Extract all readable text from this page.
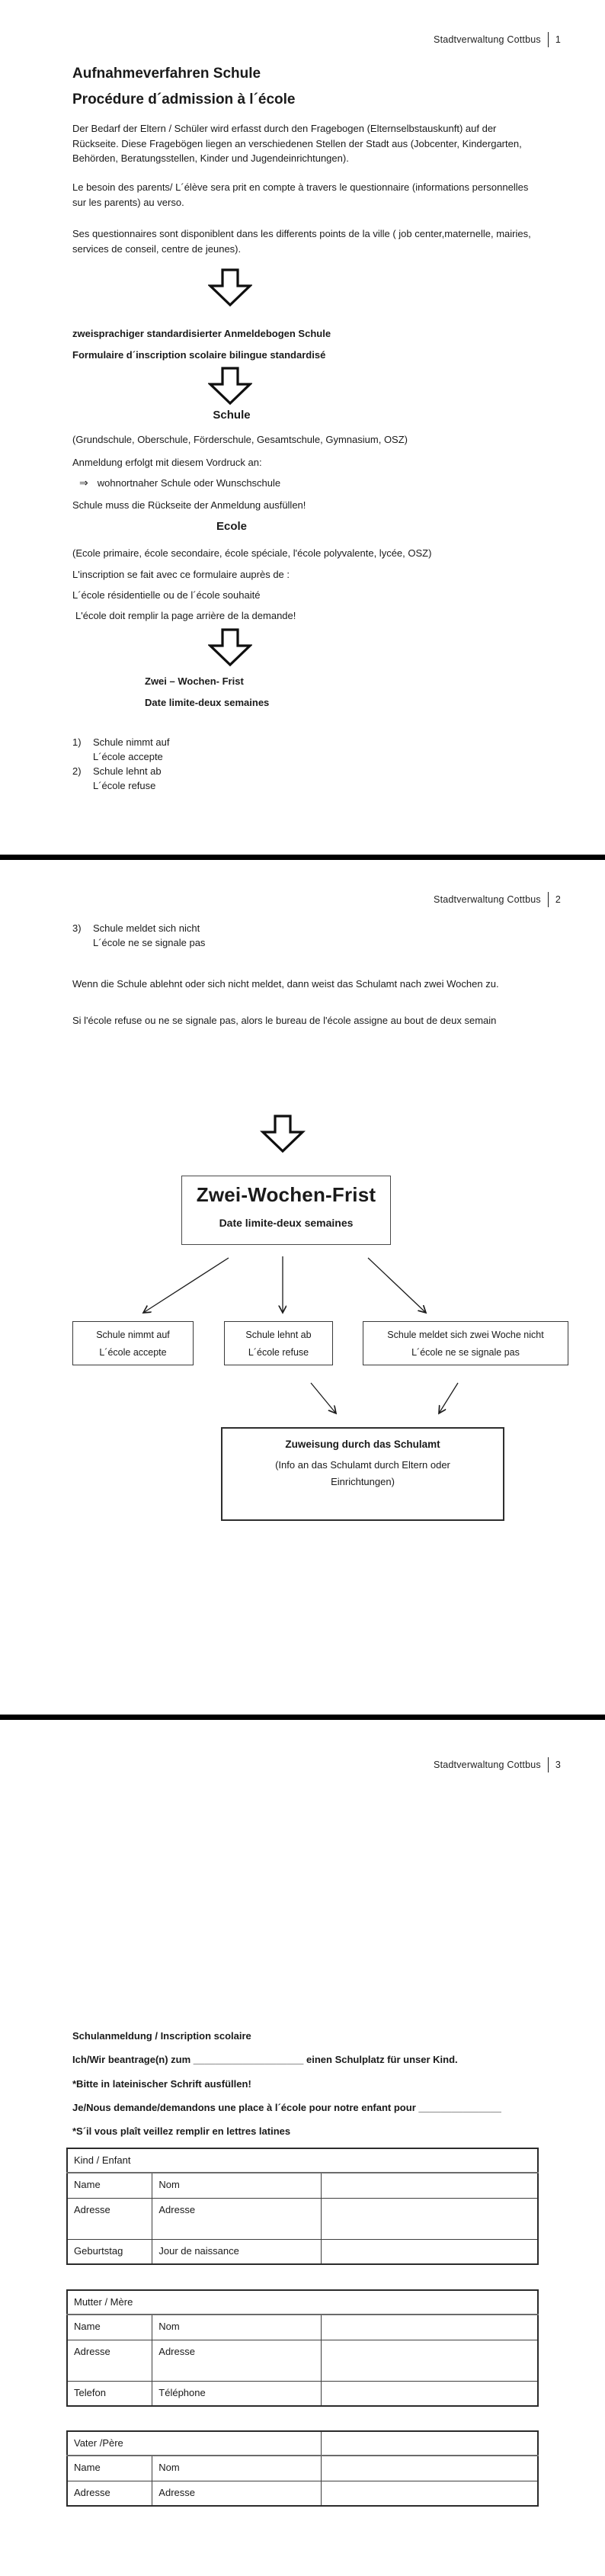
Stadtverwaltung Cottbus 1
Aufnahmeverfahren Schule
Procédure d´admission à l´école
Der Bedarf der Eltern / Schüler wird erfasst durch den Fragebogen (Elternselbstauskunft) auf der Rückseite. Diese Fragebögen liegen an verschiedenen Stellen der Stadt aus (Jobcenter, Kindergarten, Behörden, Beratungsstellen, Kinder und Jugendeinrichtungen).
Le besoin des parents/ L´élève sera prit en compte à travers le questionnaire (informations personnelles sur les parents) au verso.
Ses questionnaires sont disponiblent dans les differents points de la ville ( job center,maternelle, mairies, services de conseil, centre de jeunes).
zweisprachiger standardisierter Anmeldebogen Schule
Formulaire d´inscription scolaire bilingue standardisé
Schule
(Grundschule, Oberschule, Förderschule, Gesamtschule, Gymnasium, OSZ)
Anmeldung erfolgt mit diesem Vordruck an:
⇒ wohnortnaher Schule oder Wunschschule
Schule muss die Rückseite der Anmeldung ausfüllen!
Ecole
(Ecole primaire, école secondaire, école spéciale, l'école polyvalente, lycée, OSZ)
L'inscription se fait avec ce formulaire auprès de :
L´école résidentielle ou de l´école souhaité
L'école doit remplir la page arrière de la demande!
Zwei – Wochen- Frist
Date limite-deux semaines
1)	Schule nimmt auf
L´école accepte
2)	Schule lehnt ab
L´école refuse
Stadtverwaltung Cottbus 2
3)	Schule meldet sich nicht
L´école ne se signale pas
Wenn die Schule ablehnt oder sich nicht meldet, dann weist das Schulamt nach zwei Wochen zu.
Si l'école refuse ou ne se signale pas, alors le bureau de l'école assigne au bout de deux semain
Zwei-Wochen-Frist
Date limite-deux semaines
Schule nimmt auf
L´école accepte
Schule lehnt ab
L´école refuse
Schule meldet sich zwei Woche nicht
L´école ne se signale pas
Zuweisung durch das Schulamt
(Info an das Schulamt durch Eltern oder
Einrichtungen)
Stadtverwaltung Cottbus 3
Schulanmeldung / Inscription scolaire
Ich/Wir beantrage(n) zum ____________________ einen Schulplatz für unser Kind.
*Bitte in lateinischer Schrift ausfüllen!
Je/Nous demande/demandons une place à l´école pour notre enfant pour _______________
*S´il vous plaît veillez remplir en lettres latines
Kind / Enfant		
Name	Nom	
Adresse	Adresse	
Geburtstag	Jour de naissance	
Mutter / Mère		
Name	Nom	
Adresse	Adresse	
Telefon	Téléphone	
Vater /Père		
Name	Nom	
Adresse	Adresse	
